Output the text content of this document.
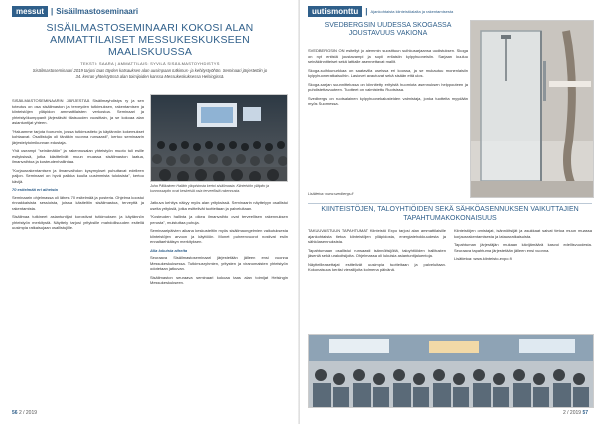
messut | Sisäilmastoseminaari
SISÄILMASTOSEMINAARI KOKOSI ALAN AMMATTILAISET MESSUKESKUKSEEN MAALISKUUSSA
TEKSTI: SAARA | AMMATTILAIS: SYVILÄ SISÄILMASTOYHDISTYS
Sisäilmastoseminaari 2019 tarjosi taas täyden katsauksen alan uusimpaan tutkimus- ja kehitystyöhön. Seminaari järjestettiin jo 34. kerran yhteistyössä alan toimijoiden kanssa Messukeskuksessa Helsingissä.

SISÄILMASTOSEMINAARIN JÄRJESTÄÄ Sisäilmayhdistys ry ja sen toteutus on osa sisäilmaston ja terveyden tutkimuksen, rakentamisen ja kiinteistöjen ylläpidon ammattilaisten verkostoa. Seminaari ja yhteistyökumppanit järjestävät tilaisuuden vuosittain, ja se kokoaa alan asiantuntijat yhteen.

"Haluamme tarjota foorumin, jossa tutkimustieto ja käytännön kokemukset kohtaavat. Osallistujia oli tänäkin vuonna runsaasti", kertoo seminaarin järjestelytoimikunnan edustaja.

Yhä useampi "seinämätön" ja rakennusalan yhteistyön muoto tuli esille esityksissä, jotka käsittelivät muun muassa sisäilmaston laatua, ilmanvaihtoa ja kosteudenhallintaa.

"Korjausrakentamisen ja ilmanvaihdon kysymykset puhuttavat edelleen paljon. Seminaari on hyvä paikka kuulla uusimmista tuloksista", kertoo kävijä.

70 esitelmää eri aiheista

Seminaarin ohjelmassa oli lähes 70 esitelmää ja posteria. Ohjelma koostui rinnakkaisista sessioista, joissa käsiteltiin sisäilmastoa, terveyttä ja rakentamista.

Sisäilmaa tutkineet asiantuntijat korostivat tutkimuksen ja käytännön yhteistyön merkitystä. Näyttely tarjosi yrityksille mahdollisuuden esitellä uusimpia ratkaisujaan osallistujille.

Juha Pälikainen Halikin yliopistosta kertoi sisäilmasta. Kiinteistön ylläpito ja kunnossapito ovat keskeisiä osia terveellistä rakennusta.

Jatkuva kehitys näkyy myös alan yrityksissä. Seminaarin näyttelyyn osallistui useita yrityksiä, jotka esittelivät tuotteitaan ja palveluitaan.

"Kosteuden hallinta ja oikea ilmanvaihto ovat terveellisen rakennuksen perusta", muistuttaa puhuja.

Seminaaripäivien aikana keskusteltiin myös sisäilmaongelmien vaikutuksesta kiinteistöjen arvoon ja käyttöön. Monet puheenvuorot nostivat esiin ennaltaehkäisyn merkityksen.

Alla lukuisia aiheita

Seuraava Sisäilmastoseminaari järjestetään jälleen ensi vuonna Messukeskuksessa. Tutkimusryhmien, yritysten ja viranomaisten yhteistyön odotetaan jatkuvan.

Sisäilmaston seuraava seminaari kokoaa taas alan toimijat Helsingin Messukeskukseen.

56 2 / 2019
uutismonttu | Ajankohtaista kiinteistöalalta ja rakentamisesta
SVEDBERGSIN UUDESSA SKOGASSA JOUSTAVUUS VAKIONA

SVEDBERGSIN ON esitellyt jo aiemmin suosittuun suihkusarjaansa uudistuksen. Skoga on nyt entistä joustavampi ja sopii erilaisiin kylpyhuoneisiin. Sarjaan kuuluu seinäkiinnitteiset sekä lattialle asennettavat mallit.

Skoga-suihkunurkkaa on saatavilla useissa eri koossa, ja se mukautuu monenlaisiin kylpyhuoneratkaisuihin. Lasiovet avautuvat sekä sisään että ulos.

Skoga-sarjan suunnittelussa on kiinnitetty erityistä huomiota asennuksen helppouteen ja puhdistettavuuteen. Tuotteet on valmistettu Ruotsissa.

Svedbergs on ruotsalainen kylpyhuonekalusteiden valmistaja, jonka tuotteita myydään myös Suomessa.

Lisätietoa: www.svedbergs.fi
KIINTEISTÖJEN, TALOYHTIÖIDEN SEKÄ SÄHKÖASENNUKSEN VAIKUTTAJIEN TAPAHTUMAKOKONAISUUS

TAKUUVASTUUN TAPAHTUMAT Kiinteistö Expo tarjosi alan ammattilaisille ajankohtaista tietoa kiinteistöjen ylläpidosta, energiatehokkuudesta ja sähköasennuksista.

Tapahtumaan osallistui runsaasti isännöitsijöitä, taloyhtiöiden hallitusten jäseniä sekä urakoitsijoita. Ohjelmassa oli lukuisia asiantuntijaluentoja.

Näytteilleasettajat esittelivät uusimpia tuotteitaan ja palveluitaan. Kokonaisuus keräsi vierailijoita kolmena päivänä.

Kiinteistöjen omistajat, isännöitsijät ja asukkaat saivat tietoa muun muassa korjausrakentamisesta ja latausratkaisuista.

Tapahtuman järjestäjän mukaan kävijämäärä kasvoi edellisvuodesta. Seuraava tapahtuma järjestetään jälleen ensi vuonna.

Lisätietoa: www.kiinteisto-expo.fi

2 / 2019 57
